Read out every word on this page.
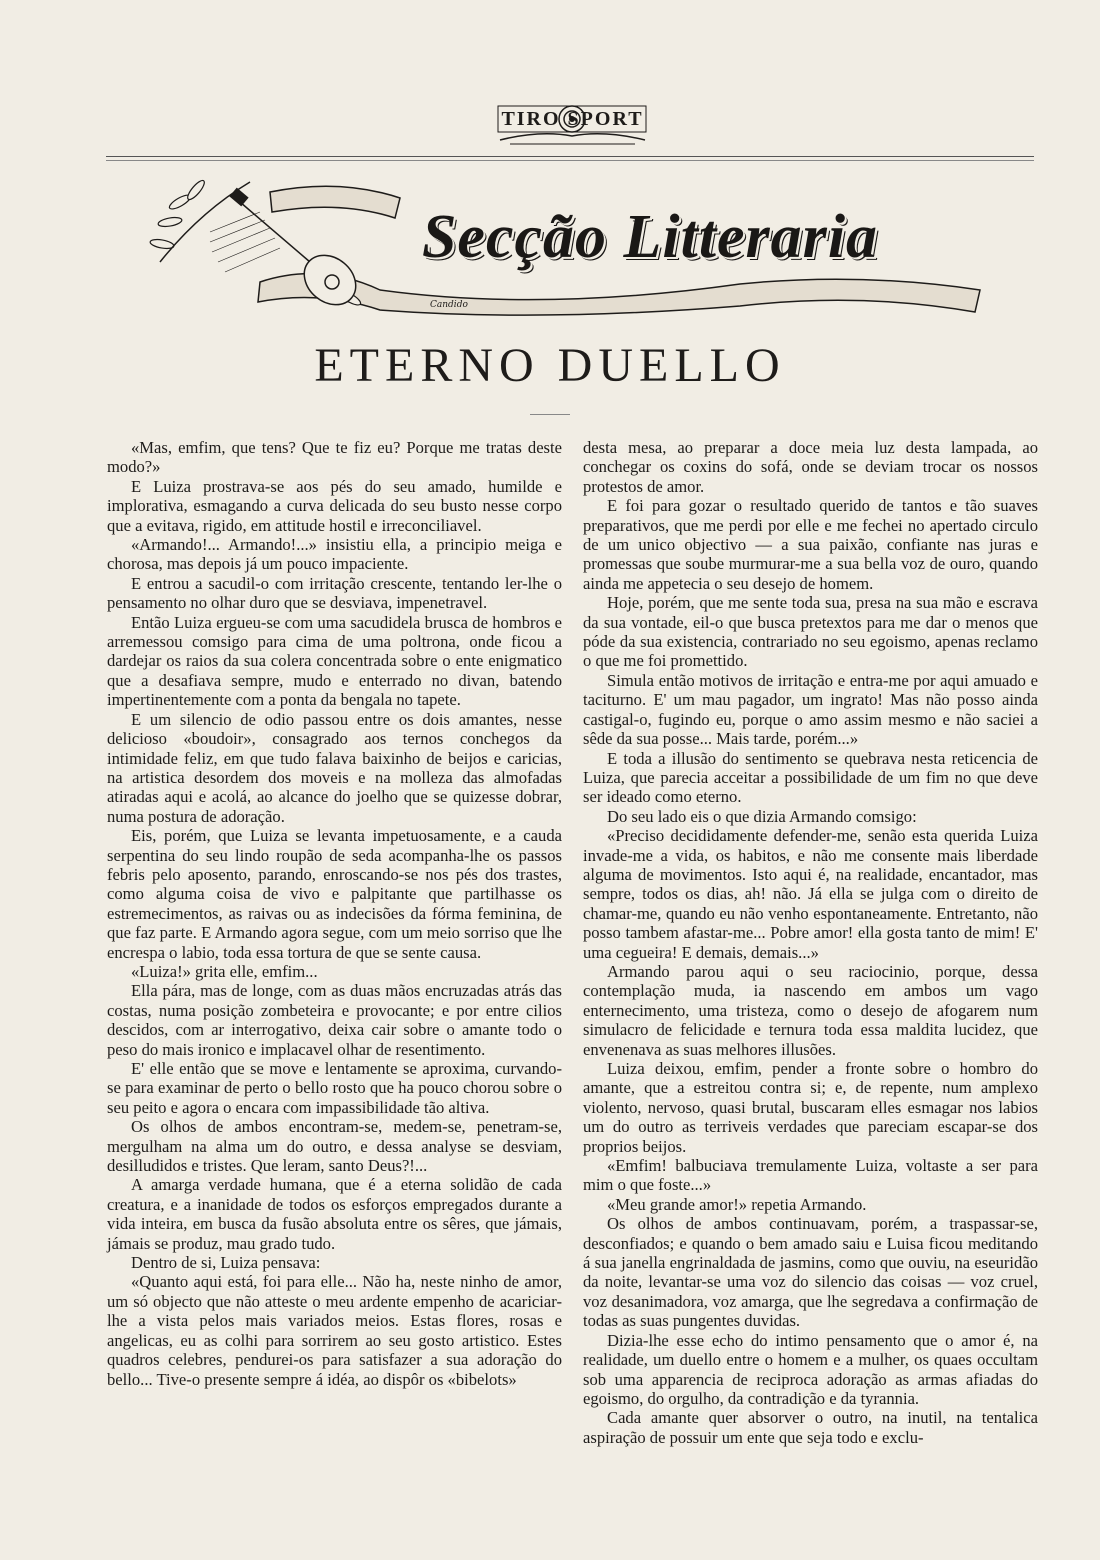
TIRO SPORT
Secção Litteraria
Candido
ETERNO DUELLO

«Mas, emfim, que tens? Que te fiz eu? Porque me tratas deste modo?»

E Luiza prostrava-se aos pés do seu amado, humilde e implorativa, esmagando a curva delicada do seu busto nesse corpo que a evitava, rigido, em attitude hostil e irreconciliavel.

«Armando!... Armando!...» insistiu ella, a principio meiga e chorosa, mas depois já um pouco impaciente.

E entrou a sacudil-o com irritação crescente, tentando ler-lhe o pensamento no olhar duro que se desviava, impenetravel.

Então Luiza ergueu-se com uma sacudidela brusca de hombros e arremessou comsigo para cima de uma poltrona, onde ficou a dardejar os raios da sua colera concentrada sobre o ente enigmatico que a desafiava sempre, mudo e enterrado no divan, batendo impertinentemente com a ponta da bengala no tapete.

E um silencio de odio passou entre os dois amantes, nesse delicioso «boudoir», consagrado aos ternos conchegos da intimidade feliz, em que tudo falava baixinho de beijos e caricias, na artistica desordem dos moveis e na molleza das almofadas atiradas aqui e acolá, ao alcance do joelho que se quizesse dobrar, numa postura de adoração.

Eis, porém, que Luiza se levanta impetuosamente, e a cauda serpentina do seu lindo roupão de seda acompanha-lhe os passos febris pelo aposento, parando, enroscando-se nos pés dos trastes, como alguma coisa de vivo e palpitante que partilhasse os estremecimentos, as raivas ou as indecisões da fórma feminina, de que faz parte. E Armando agora segue, com um meio sorriso que lhe encrespa o labio, toda essa tortura de que se sente causa.

«Luiza!» grita elle, emfim...

Ella pára, mas de longe, com as duas mãos encruzadas atrás das costas, numa posição zombeteira e provocante; e por entre cilios descidos, com ar interrogativo, deixa cair sobre o amante todo o peso do mais ironico e implacavel olhar de resentimento.

E' elle então que se move e lentamente se aproxima, curvando-se para examinar de perto o bello rosto que ha pouco chorou sobre o seu peito e agora o encara com impassibilidade tão altiva.

Os olhos de ambos encontram-se, medem-se, penetram-se, mergulham na alma um do outro, e dessa analyse se desviam, desilludidos e tristes. Que leram, santo Deus?!...

A amarga verdade humana, que é a eterna solidão de cada creatura, e a inanidade de todos os esforços empregados durante a vida inteira, em busca da fusão absoluta entre os sêres, que jámais, jámais se produz, mau grado tudo.

Dentro de si, Luiza pensava:

«Quanto aqui está, foi para elle... Não ha, neste ninho de amor, um só objecto que não atteste o meu ardente empenho de acariciar-lhe a vista pelos mais variados meios. Estas flores, rosas e angelicas, eu as colhi para sorrirem ao seu gosto artistico. Estes quadros celebres, pendurei-os para satisfazer a sua adoração do bello... Tive-o presente sempre á idéa, ao dispôr os «bibelots»

desta mesa, ao preparar a doce meia luz desta lampada, ao conchegar os coxins do sofá, onde se deviam trocar os nossos protestos de amor.

E foi para gozar o resultado querido de tantos e tão suaves preparativos, que me perdi por elle e me fechei no apertado circulo de um unico objectivo — a sua paixão, confiante nas juras e promessas que soube murmurar-me a sua bella voz de ouro, quando ainda me appetecia o seu desejo de homem.

Hoje, porém, que me sente toda sua, presa na sua mão e escrava da sua vontade, eil-o que busca pretextos para me dar o menos que póde da sua existencia, contrariado no seu egoismo, apenas reclamo o que me foi promettido.

Simula então motivos de irritação e entra-me por aqui amuado e taciturno. E' um mau pagador, um ingrato! Mas não posso ainda castigal-o, fugindo eu, porque o amo assim mesmo e não saciei a sêde da sua posse... Mais tarde, porém...»

E toda a illusão do sentimento se quebrava nesta reticencia de Luiza, que parecia acceitar a possibilidade de um fim no que deve ser ideado como eterno.

Do seu lado eis o que dizia Armando comsigo:

«Preciso decididamente defender-me, senão esta querida Luiza invade-me a vida, os habitos, e não me consente mais liberdade alguma de movimentos. Isto aqui é, na realidade, encantador, mas sempre, todos os dias, ah! não. Já ella se julga com o direito de chamar-me, quando eu não venho espontaneamente. Entretanto, não posso tambem afastar-me... Pobre amor! ella gosta tanto de mim! E' uma cegueira! E demais, demais...»

Armando parou aqui o seu raciocinio, porque, dessa contemplação muda, ia nascendo em ambos um vago enternecimento, uma tristeza, como o desejo de afogarem num simulacro de felicidade e ternura toda essa maldita lucidez, que envenenava as suas melhores illusões.

Luiza deixou, emfim, pender a fronte sobre o hombro do amante, que a estreitou contra si; e, de repente, num amplexo violento, nervoso, quasi brutal, buscaram elles esmagar nos labios um do outro as terriveis verdades que pareciam escapar-se dos proprios beijos.

«Emfim! balbuciava tremulamente Luiza, voltaste a ser para mim o que foste...»

«Meu grande amor!» repetia Armando.

Os olhos de ambos continuavam, porém, a traspassar-se, desconfiados; e quando o bem amado saiu e Luisa ficou meditando á sua janella engrinaldada de jasmins, como que ouviu, na eseuridão da noite, levantar-se uma voz do silencio das coisas — voz cruel, voz desanimadora, voz amarga, que lhe segredava a confirmação de todas as suas pungentes duvidas.

Dizia-lhe esse echo do intimo pensamento que o amor é, na realidade, um duello entre o homem e a mulher, os quaes occultam sob uma apparencia de reciproca adoração as armas afiadas do egoismo, do orgulho, da contradição e da tyrannia.

Cada amante quer absorver o outro, na inutil, na tentalica aspiração de possuir um ente que seja todo e exclu-
